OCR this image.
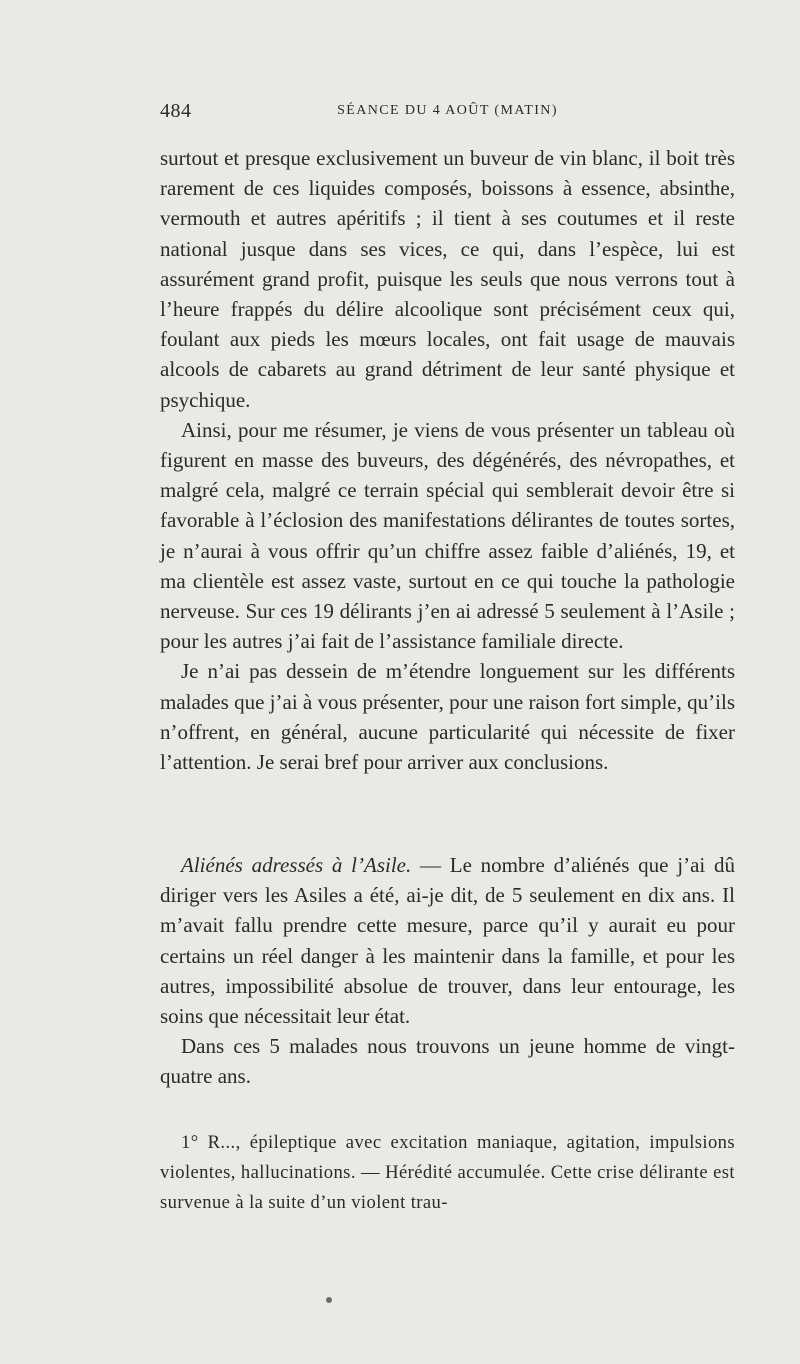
484	SÉANCE DU 4 AOÛT (MATIN)

surtout et presque exclusivement un buveur de vin blanc, il boit très rarement de ces liquides composés, boissons à essence, absinthe, vermouth et autres apéritifs ; il tient à ses coutumes et il reste national jusque dans ses vices, ce qui, dans l’espèce, lui est assurément grand profit, puisque les seuls que nous verrons tout à l’heure frappés du délire alcoolique sont précisément ceux qui, foulant aux pieds les mœurs locales, ont fait usage de mauvais alcools de cabarets au grand détriment de leur santé physique et psychique.

Ainsi, pour me résumer, je viens de vous présenter un tableau où figurent en masse des buveurs, des dégénérés, des névropathes, et malgré cela, malgré ce terrain spécial qui semblerait devoir être si favorable à l’éclosion des manifestations délirantes de toutes sortes, je n’aurai à vous offrir qu’un chiffre assez faible d’aliénés, 19, et ma clientèle est assez vaste, surtout en ce qui touche la pathologie nerveuse. Sur ces 19 délirants j’en ai adressé 5 seulement à l’Asile ; pour les autres j’ai fait de l’assistance familiale directe.

Je n’ai pas dessein de m’étendre longuement sur les différents malades que j’ai à vous présenter, pour une raison fort simple, qu’ils n’offrent, en général, aucune particularité qui nécessite de fixer l’attention. Je serai bref pour arriver aux conclusions.

Aliénés adressés à l’Asile. — Le nombre d’aliénés que j’ai dû diriger vers les Asiles a été, ai-je dit, de 5 seulement en dix ans. Il m’avait fallu prendre cette mesure, parce qu’il y aurait eu pour certains un réel danger à les maintenir dans la famille, et pour les autres, impossibilité absolue de trouver, dans leur entourage, les soins que nécessitait leur état.

Dans ces 5 malades nous trouvons un jeune homme de vingt-quatre ans.

1° R..., épileptique avec excitation maniaque, agitation, impulsions violentes, hallucinations. — Hérédité accumulée. Cette crise délirante est survenue à la suite d’un violent trau-
